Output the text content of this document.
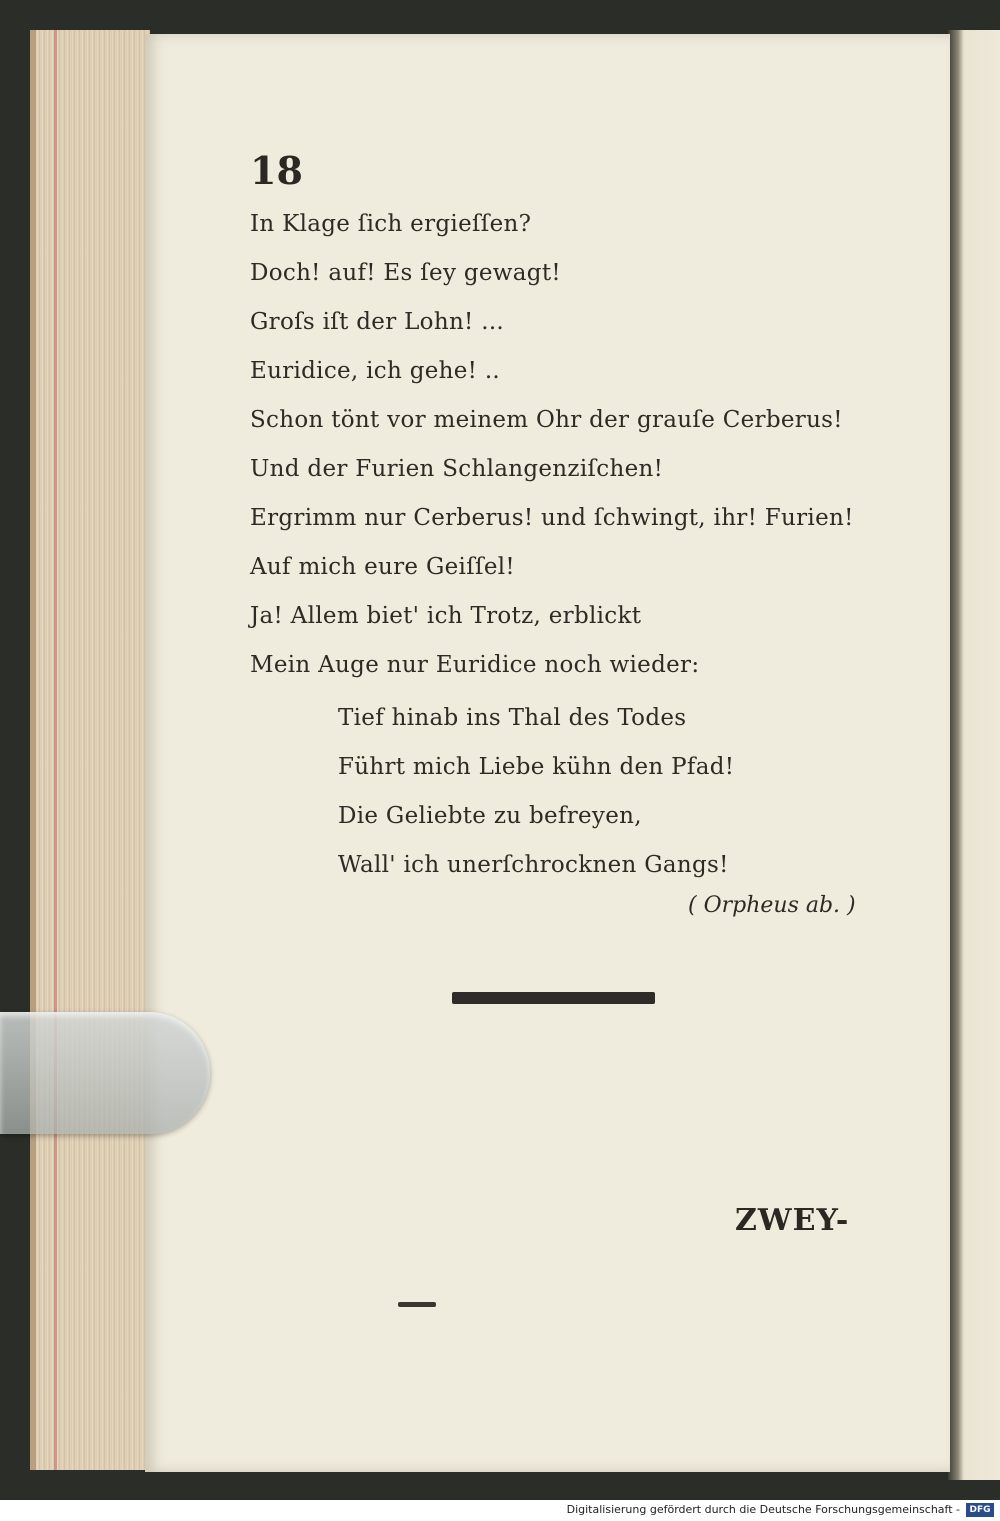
18
In Klage ſich ergieſſen?
Doch! auf! Es ſey gewagt!
Groſs iſt der Lohn! ...
Euridice, ich gehe! ..
Schon tönt vor meinem Ohr der grauſe Cerberus!
Und der Furien Schlangenziſchen!
Ergrimm nur Cerberus! und ſchwingt, ihr! Furien!
Auf mich eure Geiſſel!
Ja! Allem biet' ich Trotz, erblickt
Mein Auge nur Euridice noch wieder:
Tief hinab ins Thal des Todes
Führt mich Liebe kühn den Pfad!
Die Geliebte zu befreyen,
Wall' ich unerſchrocknen Gangs!
( Orpheus ab. )
ZWEY-
Digitalisierung gefördert durch die Deutsche Forschungsgemeinschaft -	DFG
